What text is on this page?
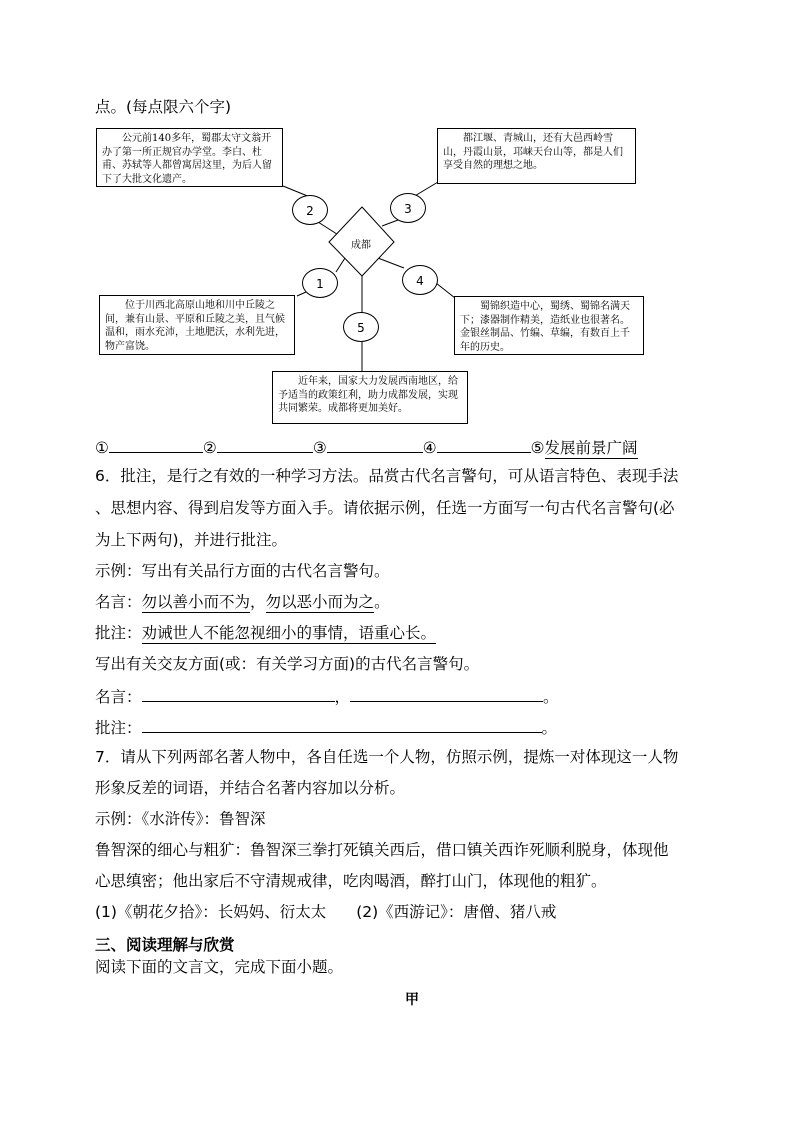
点。(每点限六个字)
成都
公元前140多年，蜀郡太守文翁开办了第一所正规官办学堂。李白、杜甫、苏轼等人都曾寓居这里，为后人留下了大批文化遗产。
都江堰、青城山，还有大邑西岭雪山，丹霞山景，邛崃天台山等，都是人们享受自然的理想之地。
位于川西北高原山地和川中丘陵之间，兼有山景、平原和丘陵之美，且气候温和，雨水充沛，土地肥沃，水利先进，物产富饶。
蜀锦织造中心，蜀绣、蜀锦名满天下；漆器制作精美，造纸业也很著名。金银丝制品、竹编、草编，有数百上千年的历史。
近年来，国家大力发展西南地区，给予适当的政策红利，助力成都发展，实现共同繁荣。成都将更加美好。
2	3
1	4
5
①	②	③	④	⑤发展前景广阔
6．批注，是行之有效的一种学习方法。品赏古代名言警句，可从语言特色、表现手法
、思想内容、得到启发等方面入手。请依据示例，任选一方面写一句古代名言警句(必
为上下两句)，并进行批注。
示例：写出有关品行方面的古代名言警句。
名言：勿以善小而不为，勿以恶小而为之。
批注：劝诫世人不能忽视细小的事情，语重心长。
写出有关交友方面(或：有关学习方面)的古代名言警句。
名言：	，	。
批注：	。
7．请从下列两部名著人物中，各自任选一个人物，仿照示例，提炼一对体现这一人物
形象反差的词语，并结合名著内容加以分析。
示例：《水浒传》：鲁智深
鲁智深的细心与粗犷：鲁智深三拳打死镇关西后，借口镇关西诈死顺利脱身，体现他
心思缜密；他出家后不守清规戒律，吃肉喝酒，醉打山门，体现他的粗犷。
(1)《朝花夕拾》：长妈妈、衍太太 (2)《西游记》：唐僧、猪八戒
三、阅读理解与欣赏
阅读下面的文言文，完成下面小题。
甲
